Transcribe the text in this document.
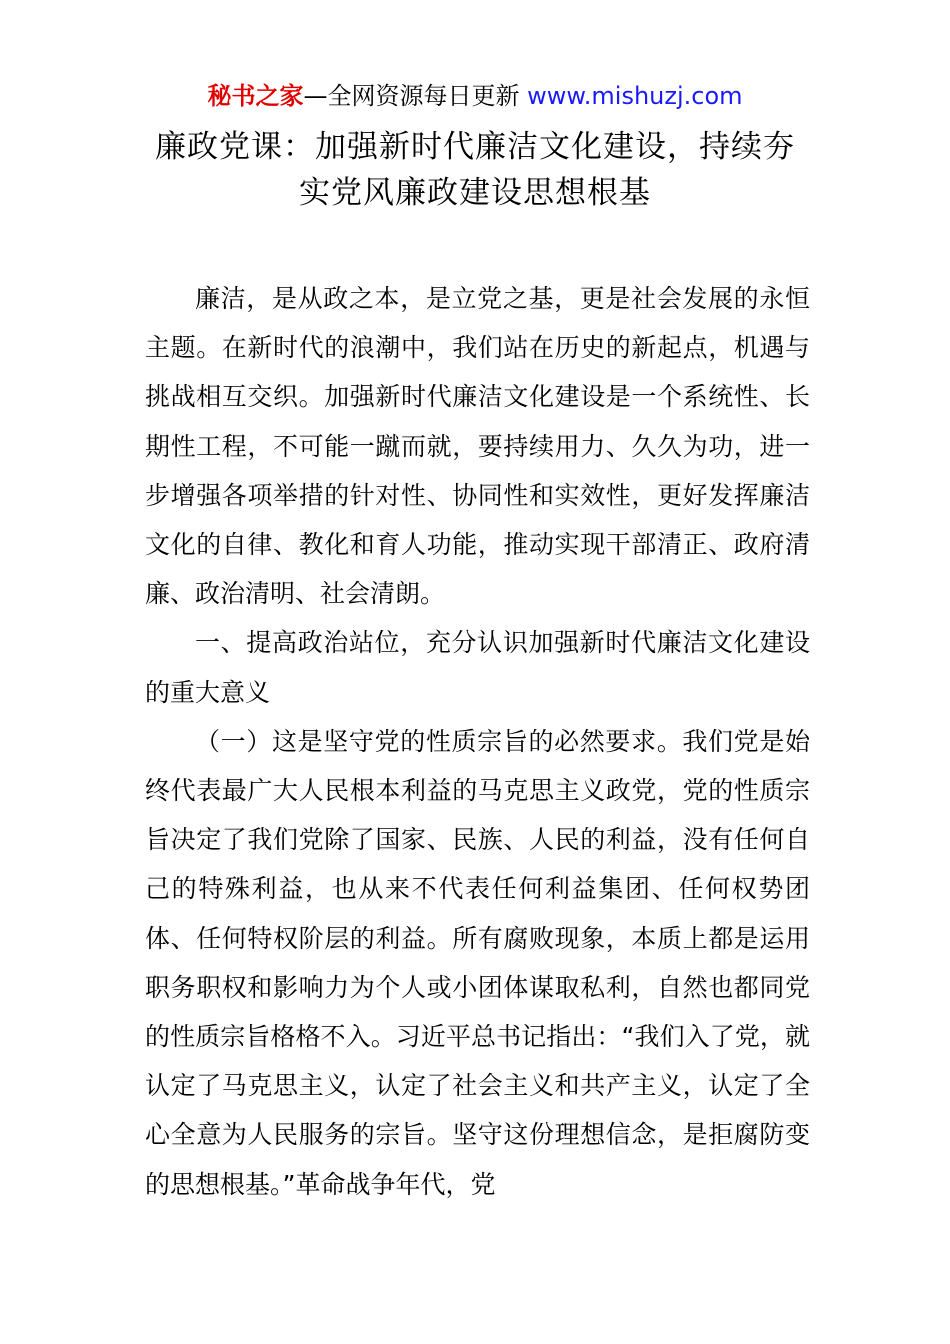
秘书之家—全网资源每日更新 www.mishuzj.com
廉政党课：加强新时代廉洁文化建设，持续夯
实党风廉政建设思想根基

廉洁，是从政之本，是立党之基，更是社会发展的永恒主题。在新时代的浪潮中，我们站在历史的新起点，机遇与挑战相互交织。加强新时代廉洁文化建设是一个系统性、长期性工程，不可能一蹴而就，要持续用力、久久为功，进一步增强各项举措的针对性、协同性和实效性，更好发挥廉洁文化的自律、教化和育人功能，推动实现干部清正、政府清廉、政治清明、社会清朗。

一、提高政治站位，充分认识加强新时代廉洁文化建设的重大意义

（一）这是坚守党的性质宗旨的必然要求。我们党是始终代表最广大人民根本利益的马克思主义政党，党的性质宗旨决定了我们党除了国家、民族、人民的利益，没有任何自己的特殊利益，也从来不代表任何利益集团、任何权势团体、任何特权阶层的利益。所有腐败现象，本质上都是运用职务职权和影响力为个人或小团体谋取私利，自然也都同党的性质宗旨格格不入。习近平总书记指出：“我们入了党，就认定了马克思主义，认定了社会主义和共产主义，认定了全心全意为人民服务的宗旨。坚守这份理想信念，是拒腐防变的思想根基。”革命战争年代，党
